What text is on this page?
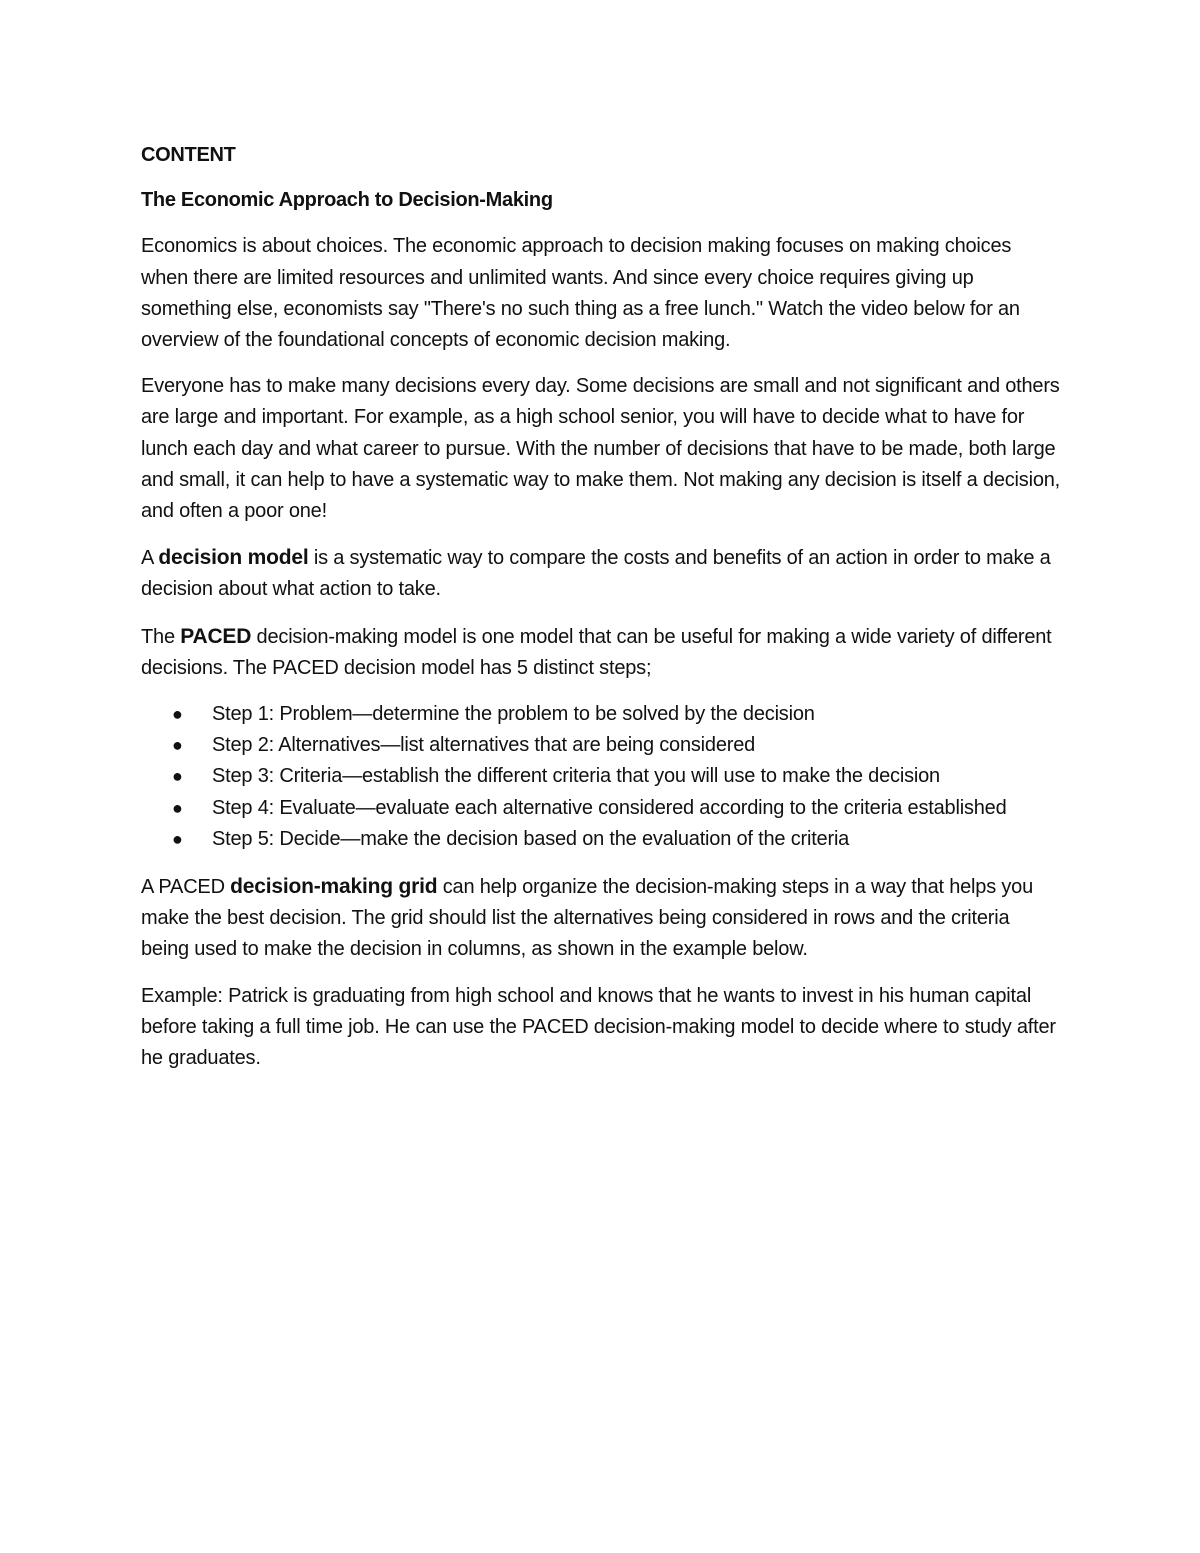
CONTENT
The Economic Approach to Decision-Making

Economics is about choices. The economic approach to decision making focuses on making choices when there are limited resources and unlimited wants. And since every choice requires giving up something else, economists say "There's no such thing as a free lunch." Watch the video below for an overview of the foundational concepts of economic decision making.

Everyone has to make many decisions every day. Some decisions are small and not significant and others are large and important. For example, as a high school senior, you will have to decide what to have for lunch each day and what career to pursue. With the number of decisions that have to be made, both large and small, it can help to have a systematic way to make them. Not making any decision is itself a decision, and often a poor one!

A decision model is a systematic way to compare the costs and benefits of an action in order to make a decision about what action to take.

The PACED decision-making model is one model that can be useful for making a wide variety of different decisions. The PACED decision model has 5 distinct steps;

● Step 1: Problem—determine the problem to be solved by the decision
● Step 2: Alternatives—list alternatives that are being considered
● Step 3: Criteria—establish the different criteria that you will use to make the decision
● Step 4: Evaluate—evaluate each alternative considered according to the criteria established
● Step 5: Decide—make the decision based on the evaluation of the criteria

A PACED decision-making grid can help organize the decision-making steps in a way that helps you make the best decision. The grid should list the alternatives being considered in rows and the criteria being used to make the decision in columns, as shown in the example below.

Example: Patrick is graduating from high school and knows that he wants to invest in his human capital before taking a full time job. He can use the PACED decision-making model to decide where to study after he graduates.
